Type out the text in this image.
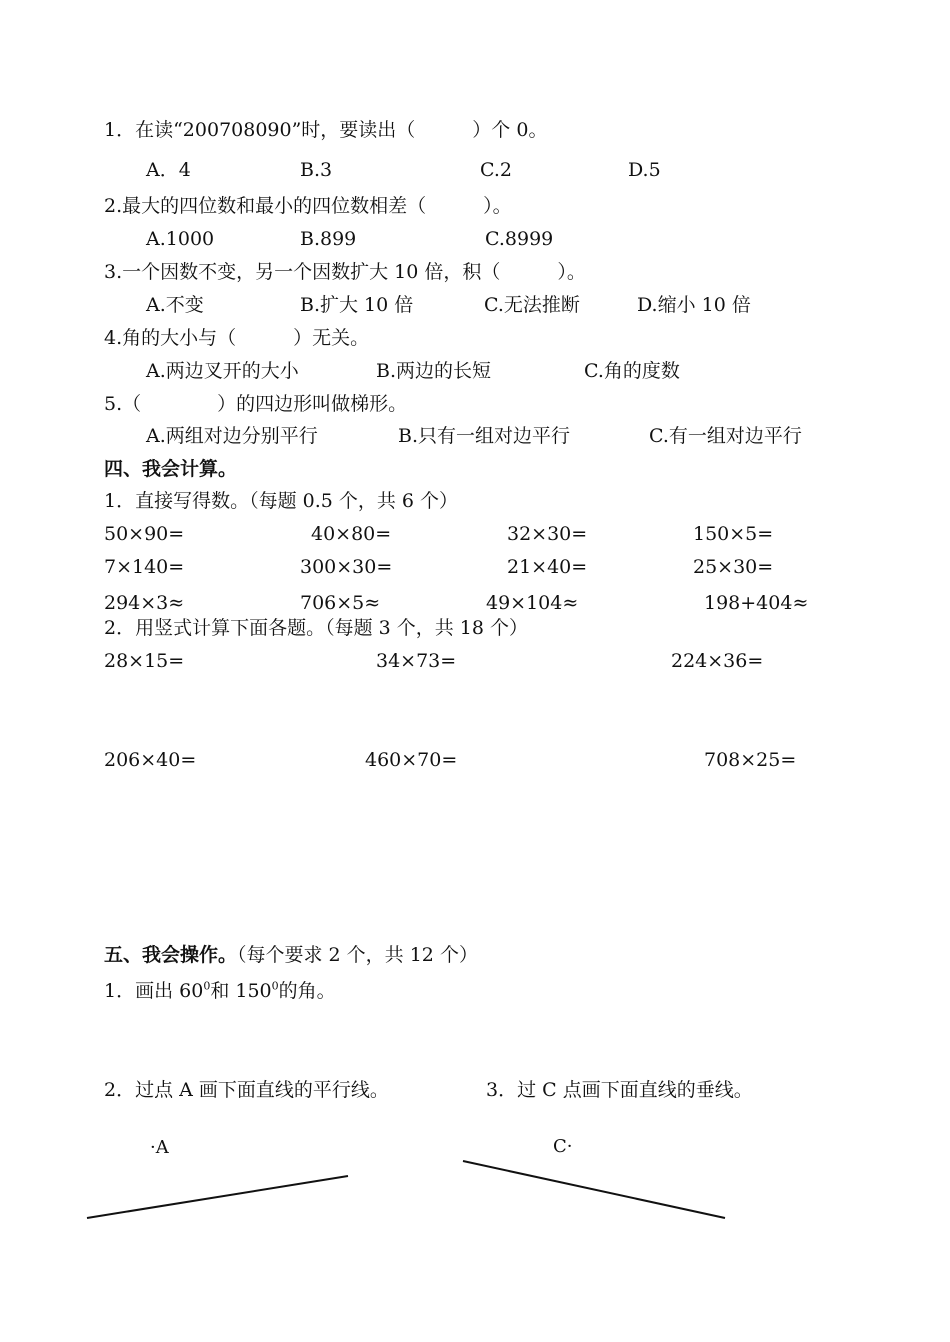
1．在读“200708090”时，要读出（　　　）个 0。
A．4	B.3	C.2	D.5
2.最大的四位数和最小的四位数相差（　　　）。
A.1000	B.899	C.8999
3.一个因数不变，另一个因数扩大 10 倍，积（　　　）。
A.不变	B.扩大 10 倍	C.无法推断	D.缩小 10 倍
4.角的大小与（　　　）无关。
A.两边叉开的大小	B.两边的长短	C.角的度数
5.（　　　　）的四边形叫做梯形。
A.两组对边分别平行	B.只有一组对边平行	C.有一组对边平行
四、我会计算。
1．直接写得数。（每题 0.5 个，共 6 个）
50×90=	40×80=	32×30=	150×5=
7×140=	300×30=	21×40=	25×30=
294×3≈	706×5≈	49×104≈	198+404≈
2．用竖式计算下面各题。（每题 3 个，共 18 个）
28×15=	34×73=	224×36=
206×40=	460×70=	708×25=
五、我会操作。（每个要求 2 个，共 12 个）
1．画出 $60^0$和 $150^0$的角。
2．过点 A 画下面直线的平行线。	3．过 C 点画下面直线的垂线。
·A	C·
